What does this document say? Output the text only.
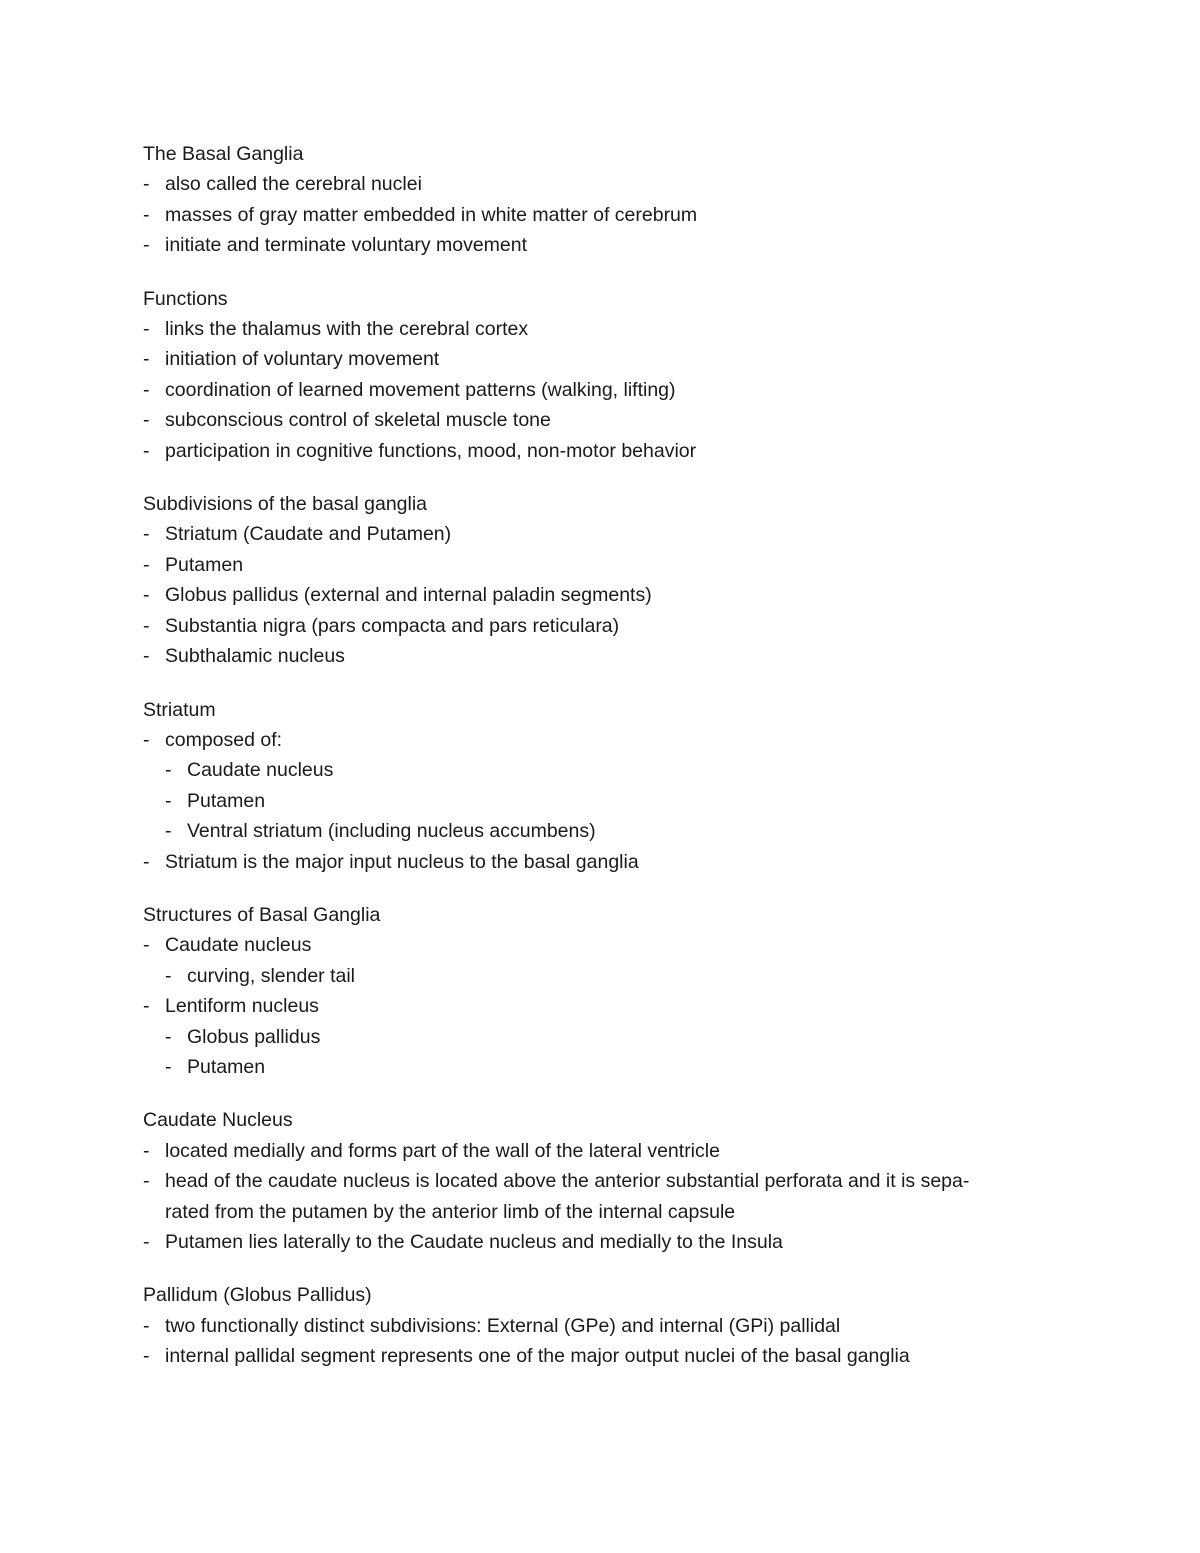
The Basal Ganglia
- also called the cerebral nuclei
- masses of gray matter embedded in white matter of cerebrum
- initiate and terminate voluntary movement
Functions
- links the thalamus with the cerebral cortex
- initiation of voluntary movement
- coordination of learned movement patterns (walking, lifting)
- subconscious control of skeletal muscle tone
- participation in cognitive functions, mood, non-motor behavior
Subdivisions of the basal ganglia
- Striatum (Caudate and Putamen)
- Putamen
- Globus pallidus (external and internal paladin segments)
- Substantia nigra (pars compacta and pars reticulara)
- Subthalamic nucleus
Striatum
- composed of:
- Caudate nucleus
- Putamen
- Ventral striatum (including nucleus accumbens)
- Striatum is the major input nucleus to the basal ganglia
Structures of Basal Ganglia
- Caudate nucleus
- curving, slender tail
- Lentiform nucleus
- Globus pallidus
- Putamen
Caudate Nucleus
- located medially and forms part of the wall of the lateral ventricle
- head of the caudate nucleus is located above the anterior substantial perforata and it is sepa-
rated from the putamen by the anterior limb of the internal capsule
- Putamen lies laterally to the Caudate nucleus and medially to the Insula
Pallidum (Globus Pallidus)
- two functionally distinct subdivisions: External (GPe) and internal (GPi) pallidal
- internal pallidal segment represents one of the major output nuclei of the basal ganglia
